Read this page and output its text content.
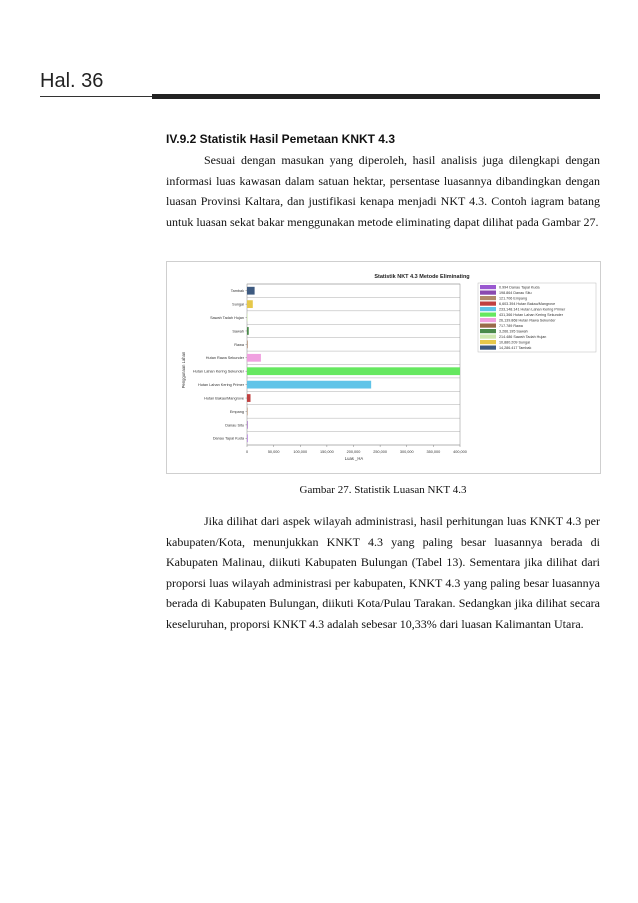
Hal. 36
IV.9.2 Statistik Hasil Pemetaan KNKT 4.3

Sesuai dengan masukan yang diperoleh, hasil analisis juga dilengkapi dengan informasi luas kawasan dalam satuan hektar, persentase luasannya dibandingkan dengan luasan Provinsi Kaltara, dan justifikasi kenapa menjadi NKT 4.3. Contoh iagram batang untuk luasan sekat bakar menggunakan metode eliminating dapat dilihat pada Gambar 27.

Statistik NKT 4.3 Metode Eliminating
Tambak
Sungai
Sawah Tadah Hujan
Sawah
Rawa
Hutan Rawa Sekunder
Hutan Lahan Kering Sekunder
Hutan Lahan Kering Primer
Hutan Bakau/Mangrove
Empang
Danau Situ
Danau Tapal Kuda
0	50,000	100,000	150,000	200,000	250,000	300,000	350,000	400,000
Luas _HA
Penggunaan Lahan
0.994 Danau Tapal Kuda
198.864 Danau Situ
121.706 Empang
6,603.394 Hutan Bakau/Mangrove
233,148.141 Hutan Lahan Kering Primer
431,366 Hutan Lahan Kering Sekunder
26,139.868 Hutan Rawa Sekunder
717.789 Rawa
3,266.195 Sawah
214.486 Sawah Tadah Hujan
10,880.209 Sungai
14,286.417 Tambak
Gambar 27. Statistik Luasan NKT 4.3

Jika dilihat dari aspek wilayah administrasi, hasil perhitungan luas KNKT 4.3 per kabupaten/Kota, menunjukkan KNKT 4.3 yang paling besar luasannya berada di Kabupaten Malinau, diikuti Kabupaten Bulungan (Tabel 13). Sementara jika dilihat dari proporsi luas wilayah administrasi per kabupaten, KNKT 4.3 yang paling besar luasannya berada di Kabupaten Bulungan, diikuti Kota/Pulau Tarakan. Sedangkan jika dilihat secara keseluruhan, proporsi KNKT 4.3 adalah sebesar 10,33% dari luasan Kalimantan Utara.
